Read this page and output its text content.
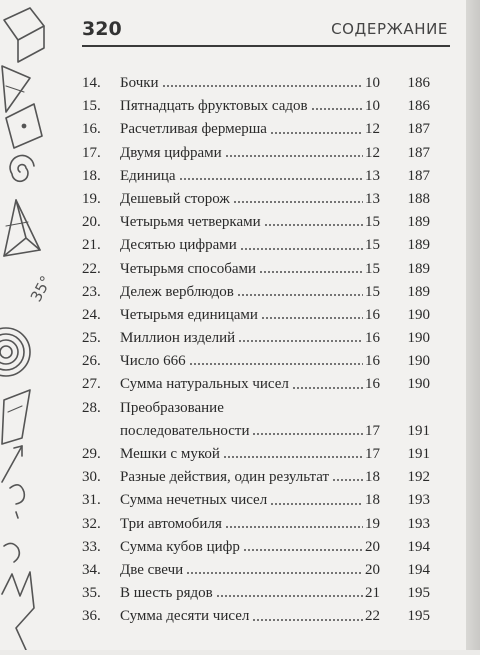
35°
320	СОДЕРЖАНИЕ
14. Бочки	10 186
15. Пятнадцать фруктовых садов	10 186
16. Расчетливая фермерша	12 187
17. Двумя цифрами	12 187
18. Единица	13 187
19. Дешевый сторож	13 188
20. Четырьмя четверками	15 189
21. Десятью цифрами	15 189
22. Четырьмя способами	15 189
23. Дележ верблюдов	15 189
24. Четырьмя единицами	16 190
25. Миллион изделий	16 190
26. Число 666	16 190
27. Сумма натуральных чисел	16 190
28. Преобразование
последовательности	17 191
29. Мешки с мукой	17 191
30. Разные действия, один результат 18 192
31. Сумма нечетных чисел	18 193
32. Три автомобиля	19 193
33. Сумма кубов цифр	20 194
34. Две свечи	20 194
35. В шесть рядов	21 195
36. Сумма десяти чисел	22 195
